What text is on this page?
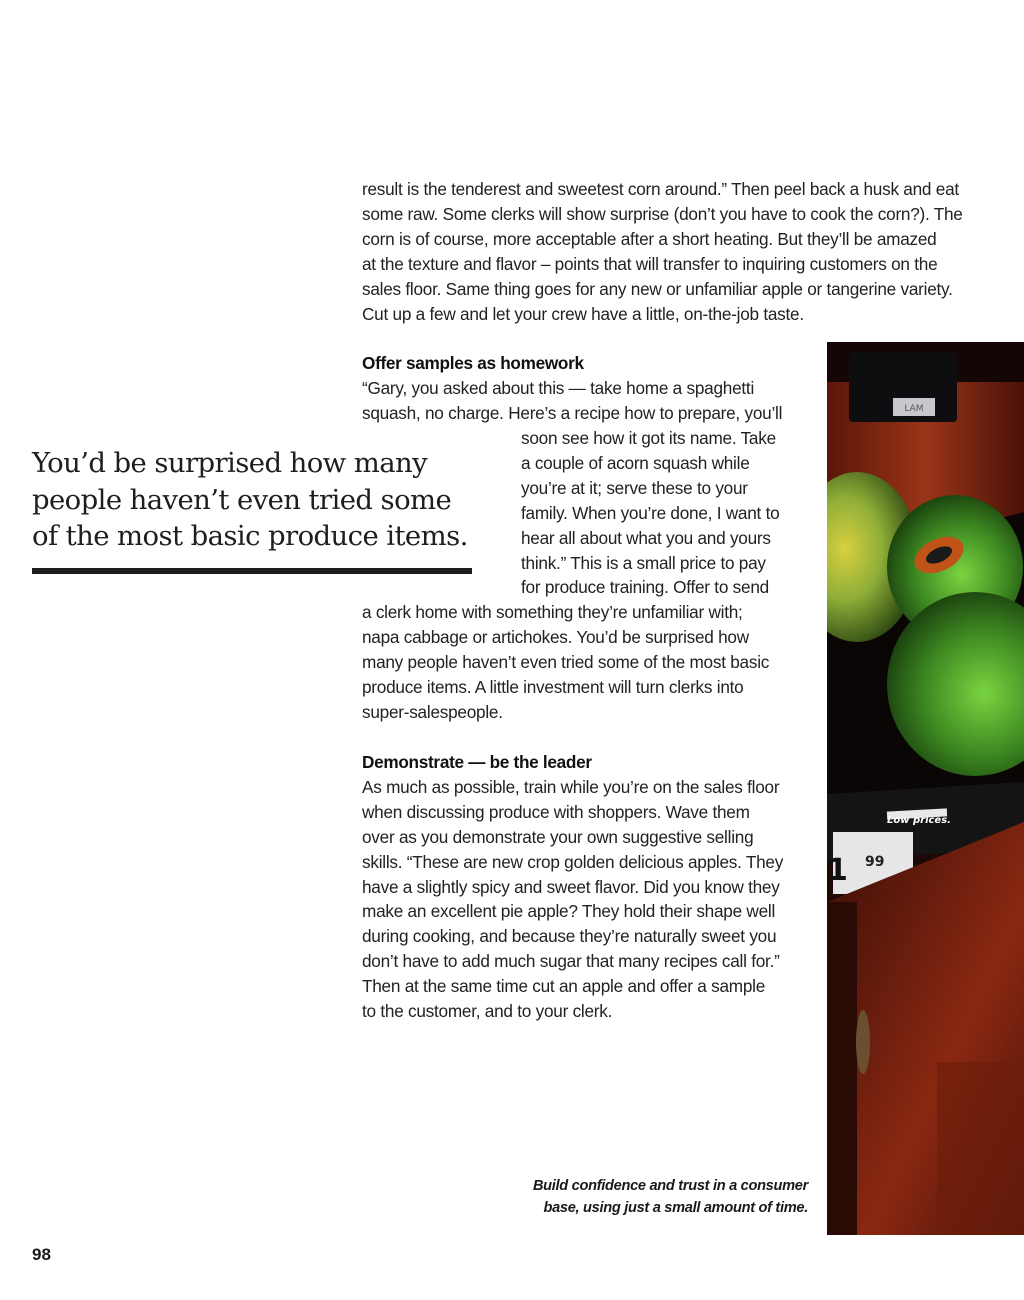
result is the tenderest and sweetest corn around.” Then peel back a husk and eat
some raw. Some clerks will show surprise (don’t you have to cook the corn?). The
corn is of course, more acceptable after a short heating. But they’ll be amazed
at the texture and flavor – points that will transfer to inquiring customers on the
sales floor. Same thing goes for any new or unfamiliar apple or tangerine variety.
Cut up a few and let your crew have a little, on-the-job taste.
Offer samples as homework
“Gary, you asked about this — take home a spaghetti
squash, no charge. Here’s a recipe how to prepare, you’ll
soon see how it got its name. Take
a couple of acorn squash while
you’re at it; serve these to your
family. When you’re done, I want to
hear all about what you and yours
think.” This is a small price to pay
for produce training. Offer to send
a clerk home with something they’re unfamiliar with;
napa cabbage or artichokes. You’d be surprised how
many people haven’t even tried some of the most basic
produce items. A little investment will turn clerks into
super-salespeople.
Demonstrate — be the leader
As much as possible, train while you’re on the sales floor
when discussing produce with shoppers. Wave them
over as you demonstrate your own suggestive selling
skills. “These are new crop golden delicious apples. They
have a slightly spicy and sweet flavor. Did you know they
make an excellent pie apple? They hold their shape well
during cooking, and because they’re naturally sweet you
don’t have to add much sugar that many recipes call for.”
Then at the same time cut an apple and offer a sample
to the customer, and to your clerk.
You’d be surprised how many
people haven’t even tried some
of the most basic produce items.
LAM
Low prices.
1 99
Build confidence and trust in a consumer
base, using just a small amount of time.
98
